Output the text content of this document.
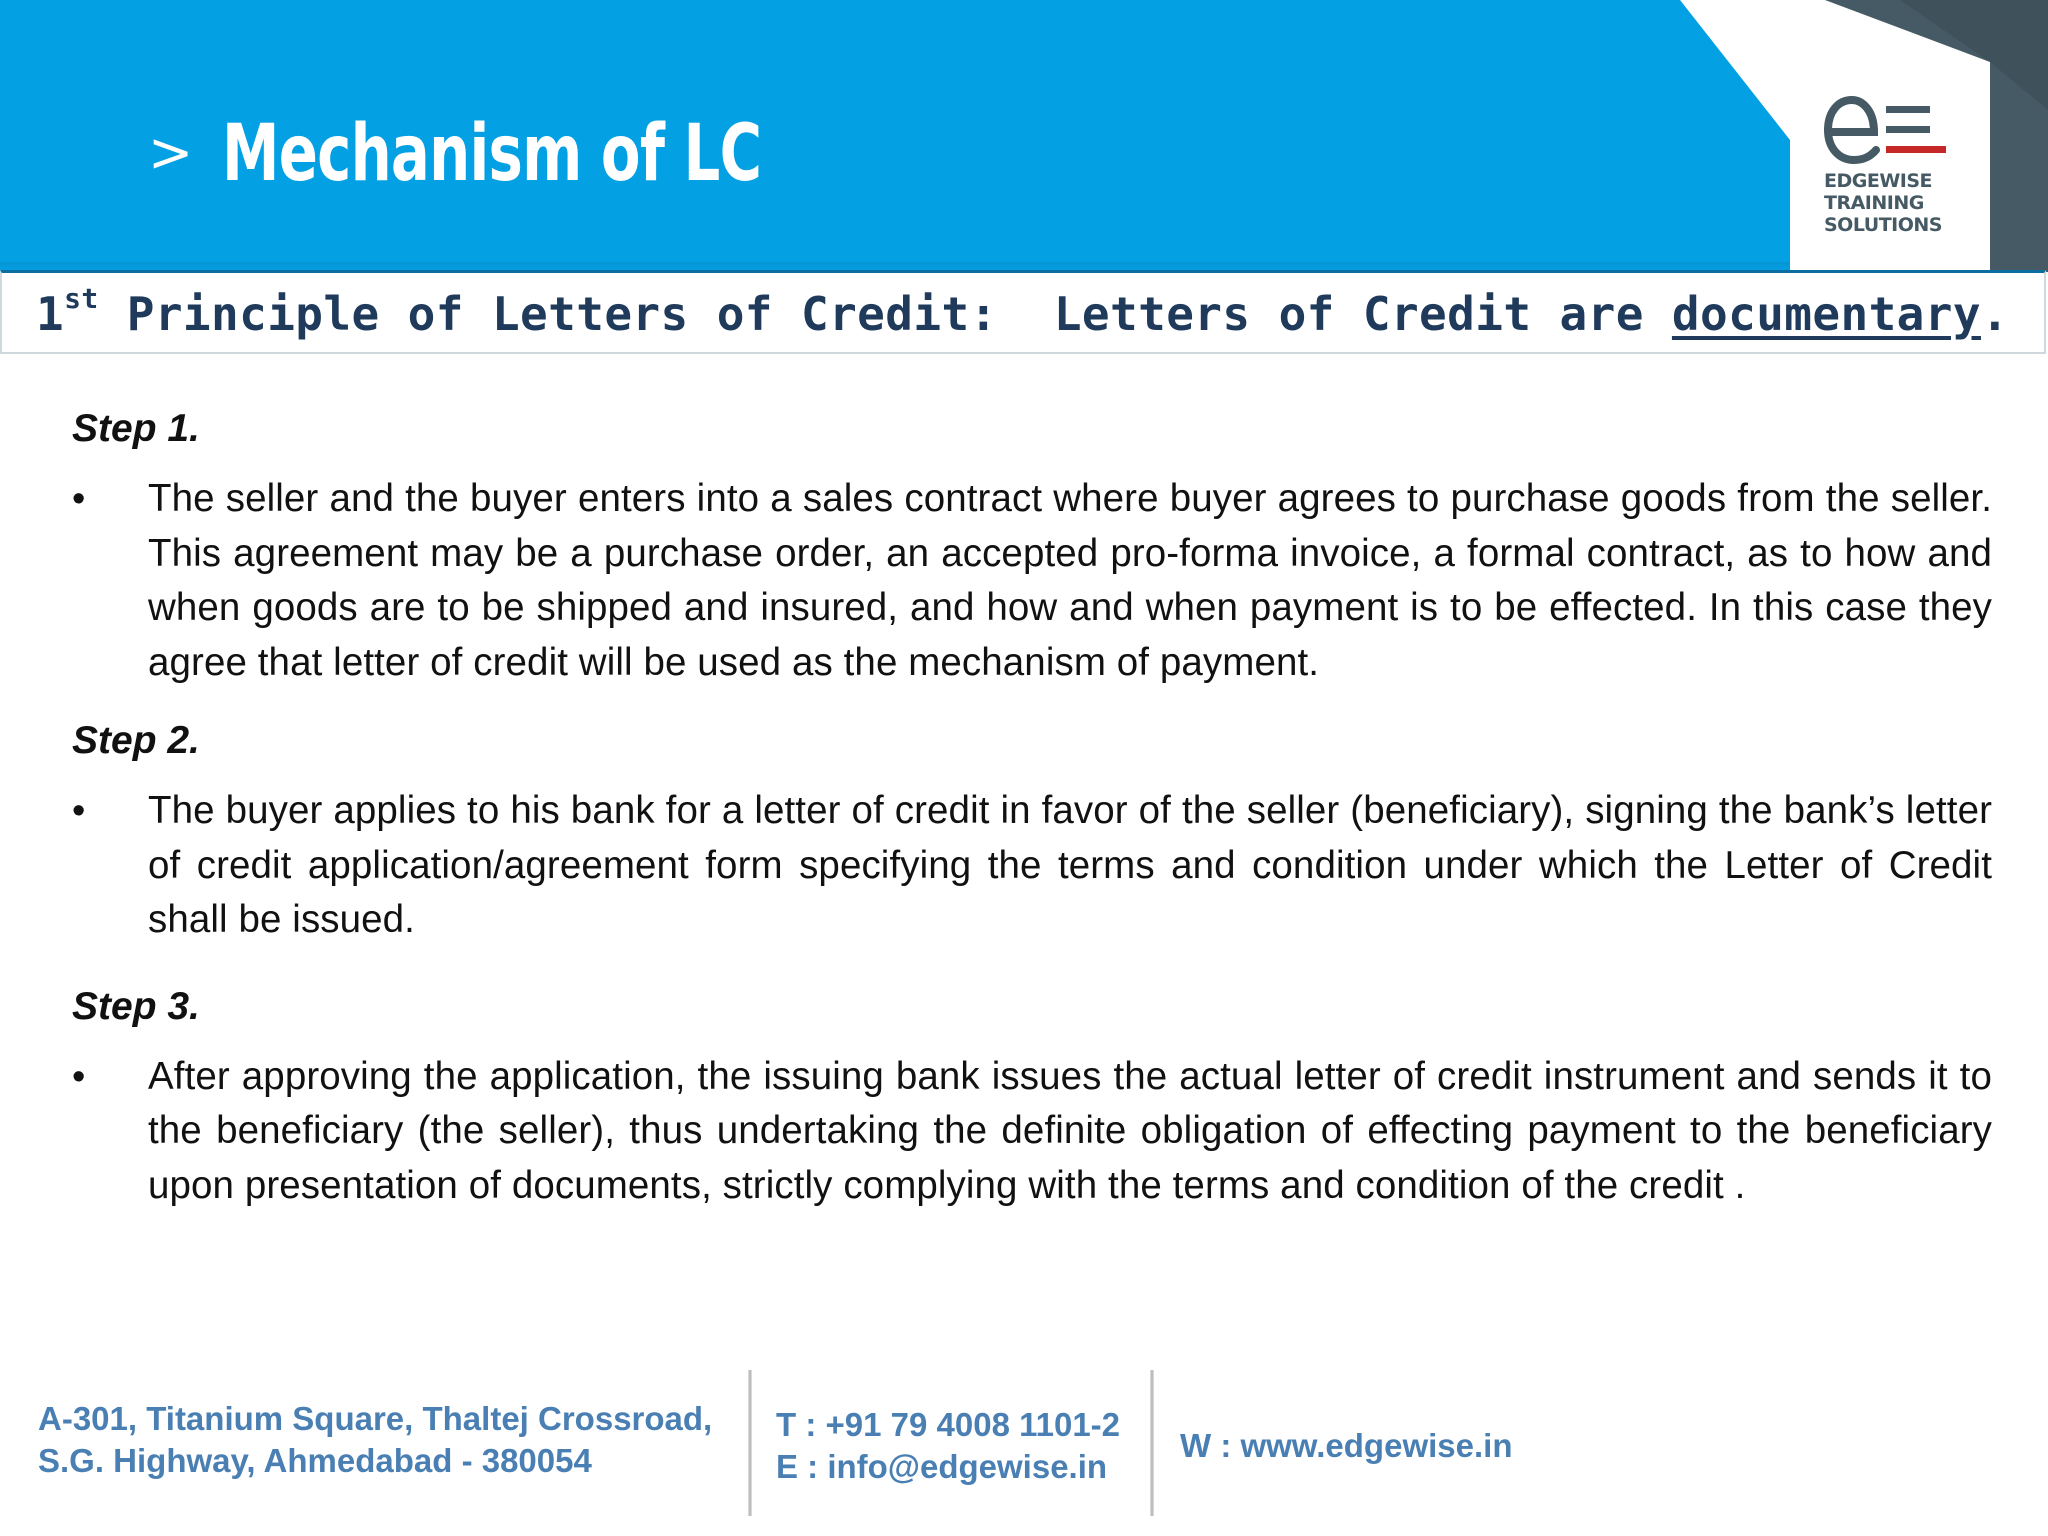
EDGEWISE
TRAINING
SOLUTIONS
> Mechanism of LC
1st Principle of Letters of Credit:  Letters of Credit are documentary.

Step 1.

•	The seller and the buyer enters into a sales contract where buyer agrees to purchase goods from the seller. This agreement may be a purchase order, an accepted pro-forma invoice, a formal contract, as to how and when goods are to be shipped and insured, and how and when payment is to be effected. In this case they agree that letter of credit will be used as the mechanism of payment.

Step 2.

•	The buyer applies to his bank for a letter of credit in favor of the seller (beneficiary), signing the bank’s letter of credit application/agreement form specifying the terms and condition under which the Letter of Credit shall be issued.

Step 3.

•	After approving the application, the issuing bank issues the actual letter of credit instrument and sends it to the beneficiary (the seller), thus undertaking the definite obligation of effecting payment to the beneficiary upon presentation of documents, strictly complying with the terms and condition of the credit .
A-301, Titanium Square, Thaltej Crossroad,
S.G. Highway, Ahmedabad - 380054
T : +91 79 4008 1101-2
E : info@edgewise.in
W : www.edgewise.in
